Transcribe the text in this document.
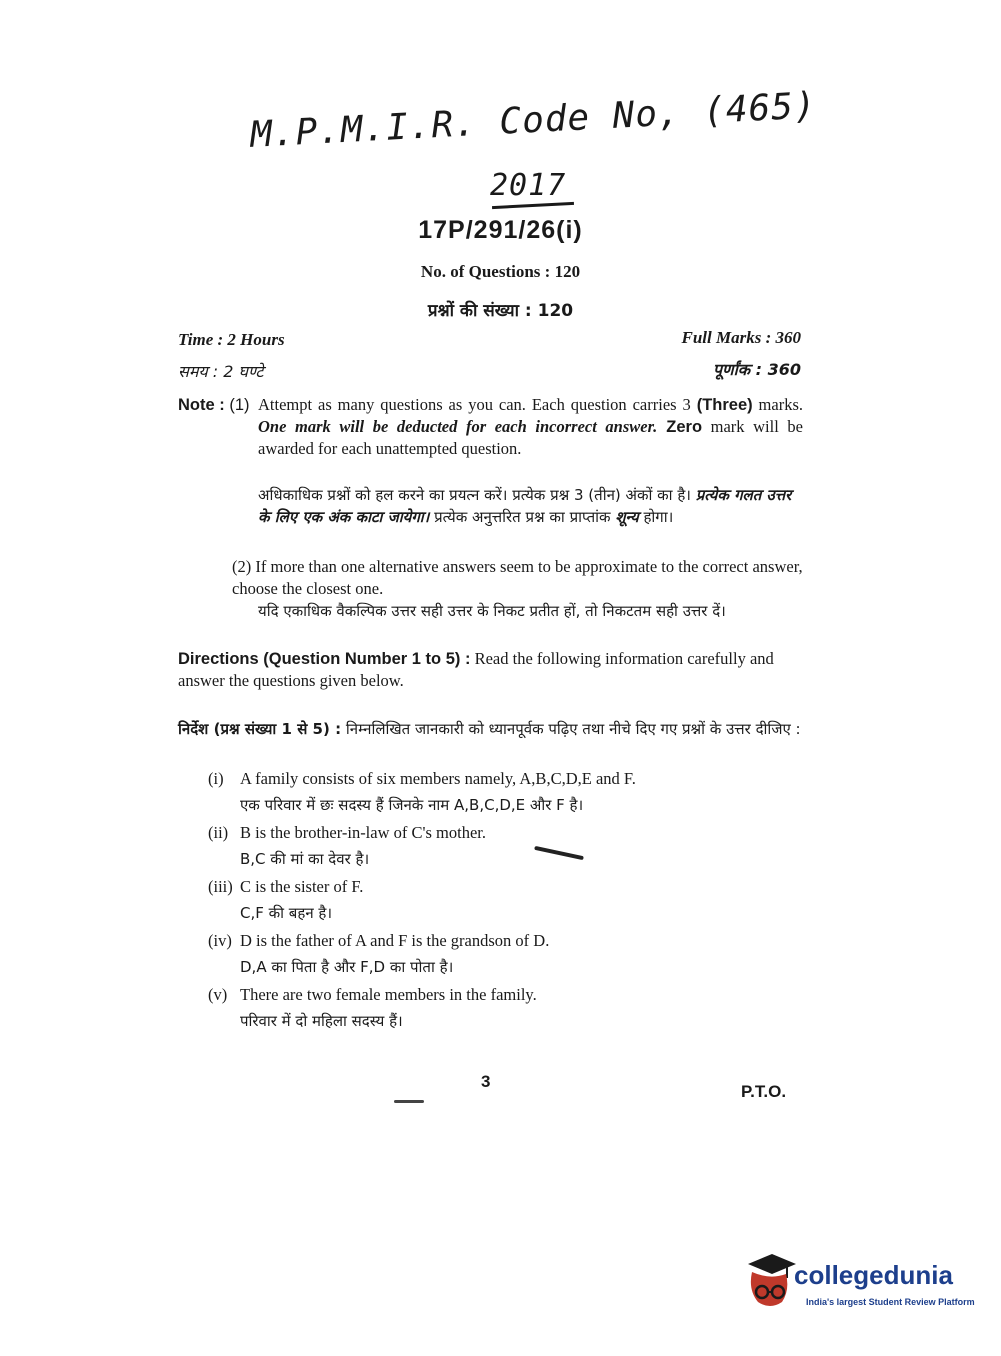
M.P.M.I.R. Code No, (465)
2017
17P/291/26(i)
No. of Questions : 120
प्रश्नों की संख्या : 120
Time : 2 Hours
समय : 2 घण्टे
Full Marks : 360
पूर्णांक : 360
Note : (1) Attempt as many questions as you can. Each question carries 3 (Three) marks. One mark will be deducted for each incorrect answer. Zero mark will be awarded for each unattempted question.
अधिकाधिक प्रश्नों को हल करने का प्रयत्न करें। प्रत्येक प्रश्न 3 (तीन) अंकों का है। प्रत्येक गलत उत्तर के लिए एक अंक काटा जायेगा। प्रत्येक अनुत्तरित प्रश्न का प्राप्तांक शून्य होगा।
(2) If more than one alternative answers seem to be approximate to the correct answer, choose the closest one.
यदि एकाधिक वैकल्पिक उत्तर सही उत्तर के निकट प्रतीत हों, तो निकटतम सही उत्तर दें।
Directions (Question Number 1 to 5) : Read the following information carefully and answer the questions given below.
निर्देश (प्रश्न संख्या 1 से 5) : निम्नलिखित जानकारी को ध्यानपूर्वक पढ़िए तथा नीचे दिए गए प्रश्नों के उत्तर दीजिए :
(i) A family consists of six members namely, A,B,C,D,E and F.
एक परिवार में छः सदस्य हैं जिनके नाम A,B,C,D,E और F है।
(ii) B is the brother-in-law of C's mother.
B,C की मां का देवर है।
(iii) C is the sister of F.
C,F की बहन है।
(iv) D is the father of A and F is the grandson of D.
D,A का पिता है और F,D का पोता है।
(v) There are two female members in the family.
परिवार में दो महिला सदस्य हैं।
3
P.T.O.
collegedunia
India's largest Student Review Platform
